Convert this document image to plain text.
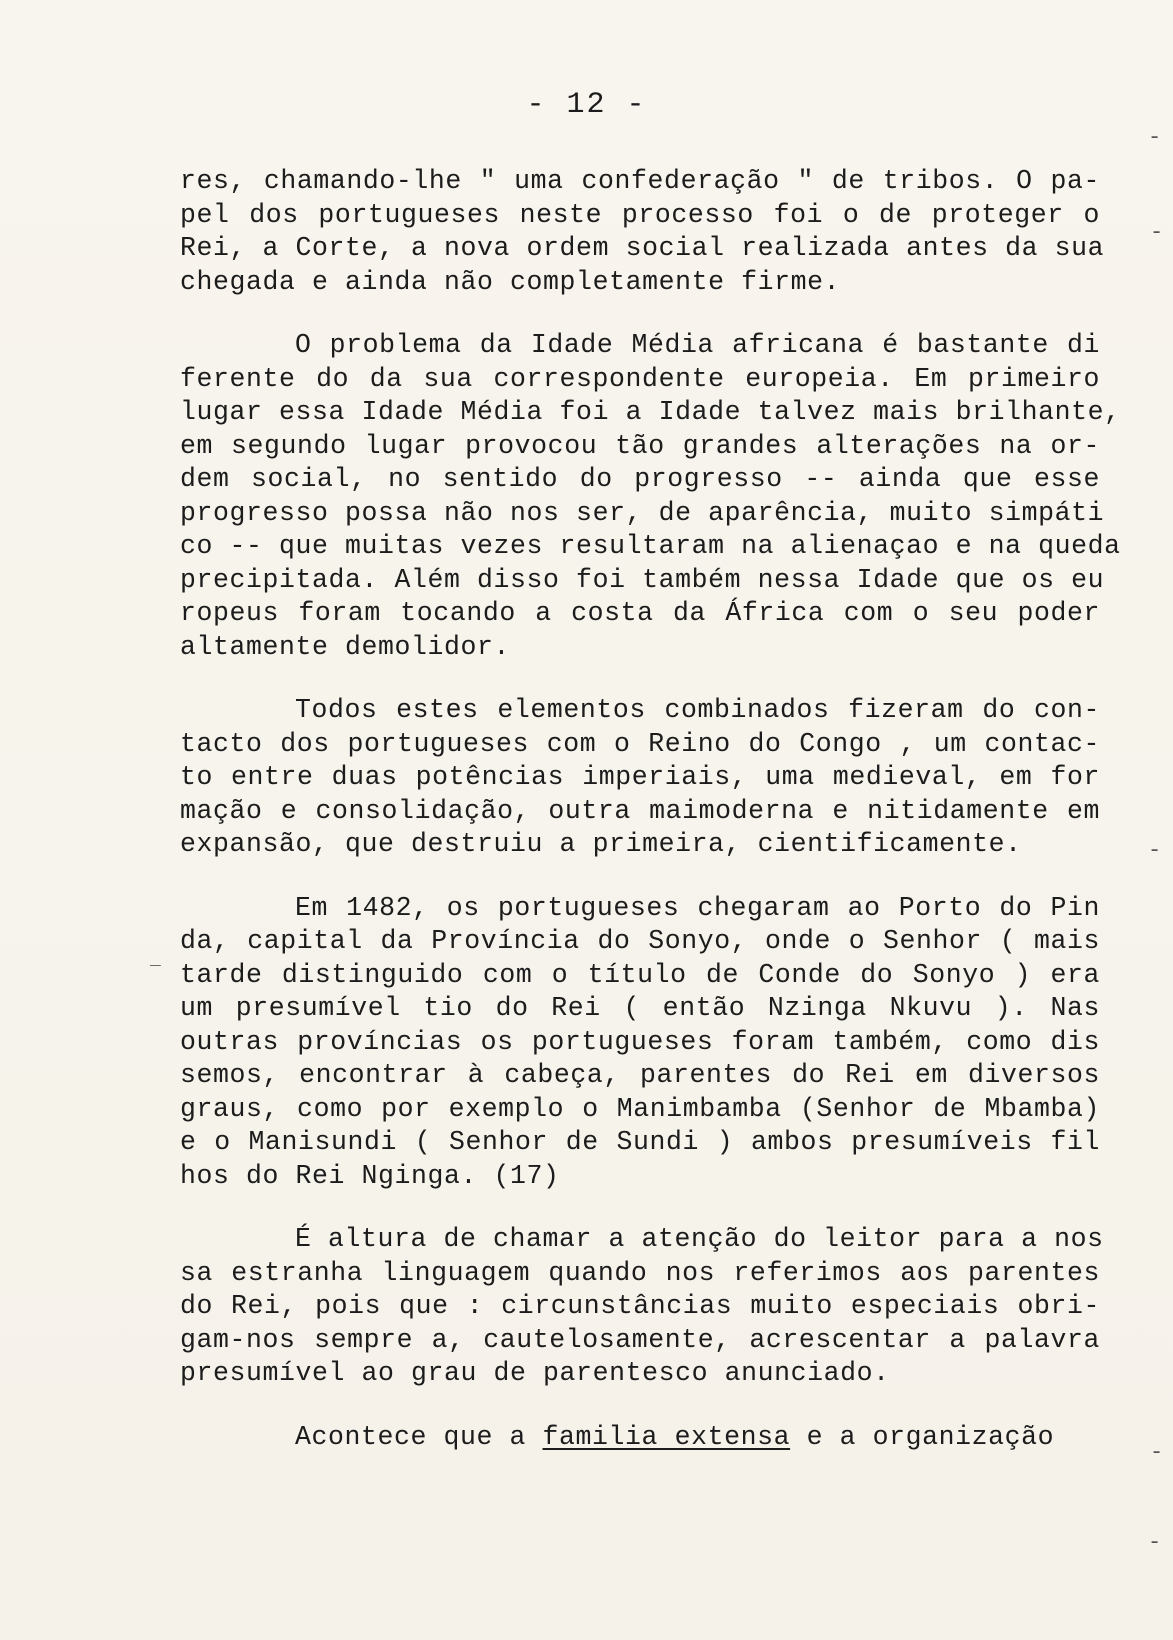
- 12 -
res, chamando-lhe " uma confederação " de tribos. O pa-
pel dos portugueses neste processo foi o de proteger o
Rei, a Corte, a nova ordem social realizada antes da sua
chegada e ainda não completamente firme.
O problema da Idade Média africana é bastante di
ferente do da sua correspondente europeia. Em primeiro
lugar essa Idade Média foi a Idade talvez mais brilhante,
em segundo lugar provocou tão grandes alterações na or-
dem social, no sentido do progresso -- ainda que esse
progresso possa não nos ser, de aparência, muito simpáti
co -- que muitas vezes resultaram na alienaçao e na queda
precipitada. Além disso foi também nessa Idade que os eu
ropeus foram tocando a costa da África com o seu poder
altamente demolidor.
Todos estes elementos combinados fizeram do con-
tacto dos portugueses com o Reino do Congo , um contac-
to entre duas potências imperiais, uma medieval, em for
mação e consolidação, outra maimoderna e nitidamente em
expansão, que destruiu a primeira, cientificamente.
Em 1482, os portugueses chegaram ao Porto do Pin
da, capital da Província do Sonyo, onde o Senhor ( mais
tarde distinguido com o título de Conde do Sonyo ) era
um presumível tio do Rei ( então Nzinga Nkuvu ). Nas
outras províncias os portugueses foram também, como dis
semos, encontrar à cabeça, parentes do Rei em diversos
graus, como por exemplo o Manimbamba (Senhor de Mbamba)
e o Manisundi ( Senhor de Sundi ) ambos presumíveis fil
hos do Rei Nginga. (17)
É altura de chamar a atenção do leitor para a nos
sa estranha linguagem quando nos referimos aos parentes
do Rei, pois que : circunstâncias muito especiais obri-
gam-nos sempre a, cautelosamente, acrescentar a palavra
presumível ao grau de parentesco anunciado.
Acontece que a familia extensa e a organização
-
-
-
-
-
_
